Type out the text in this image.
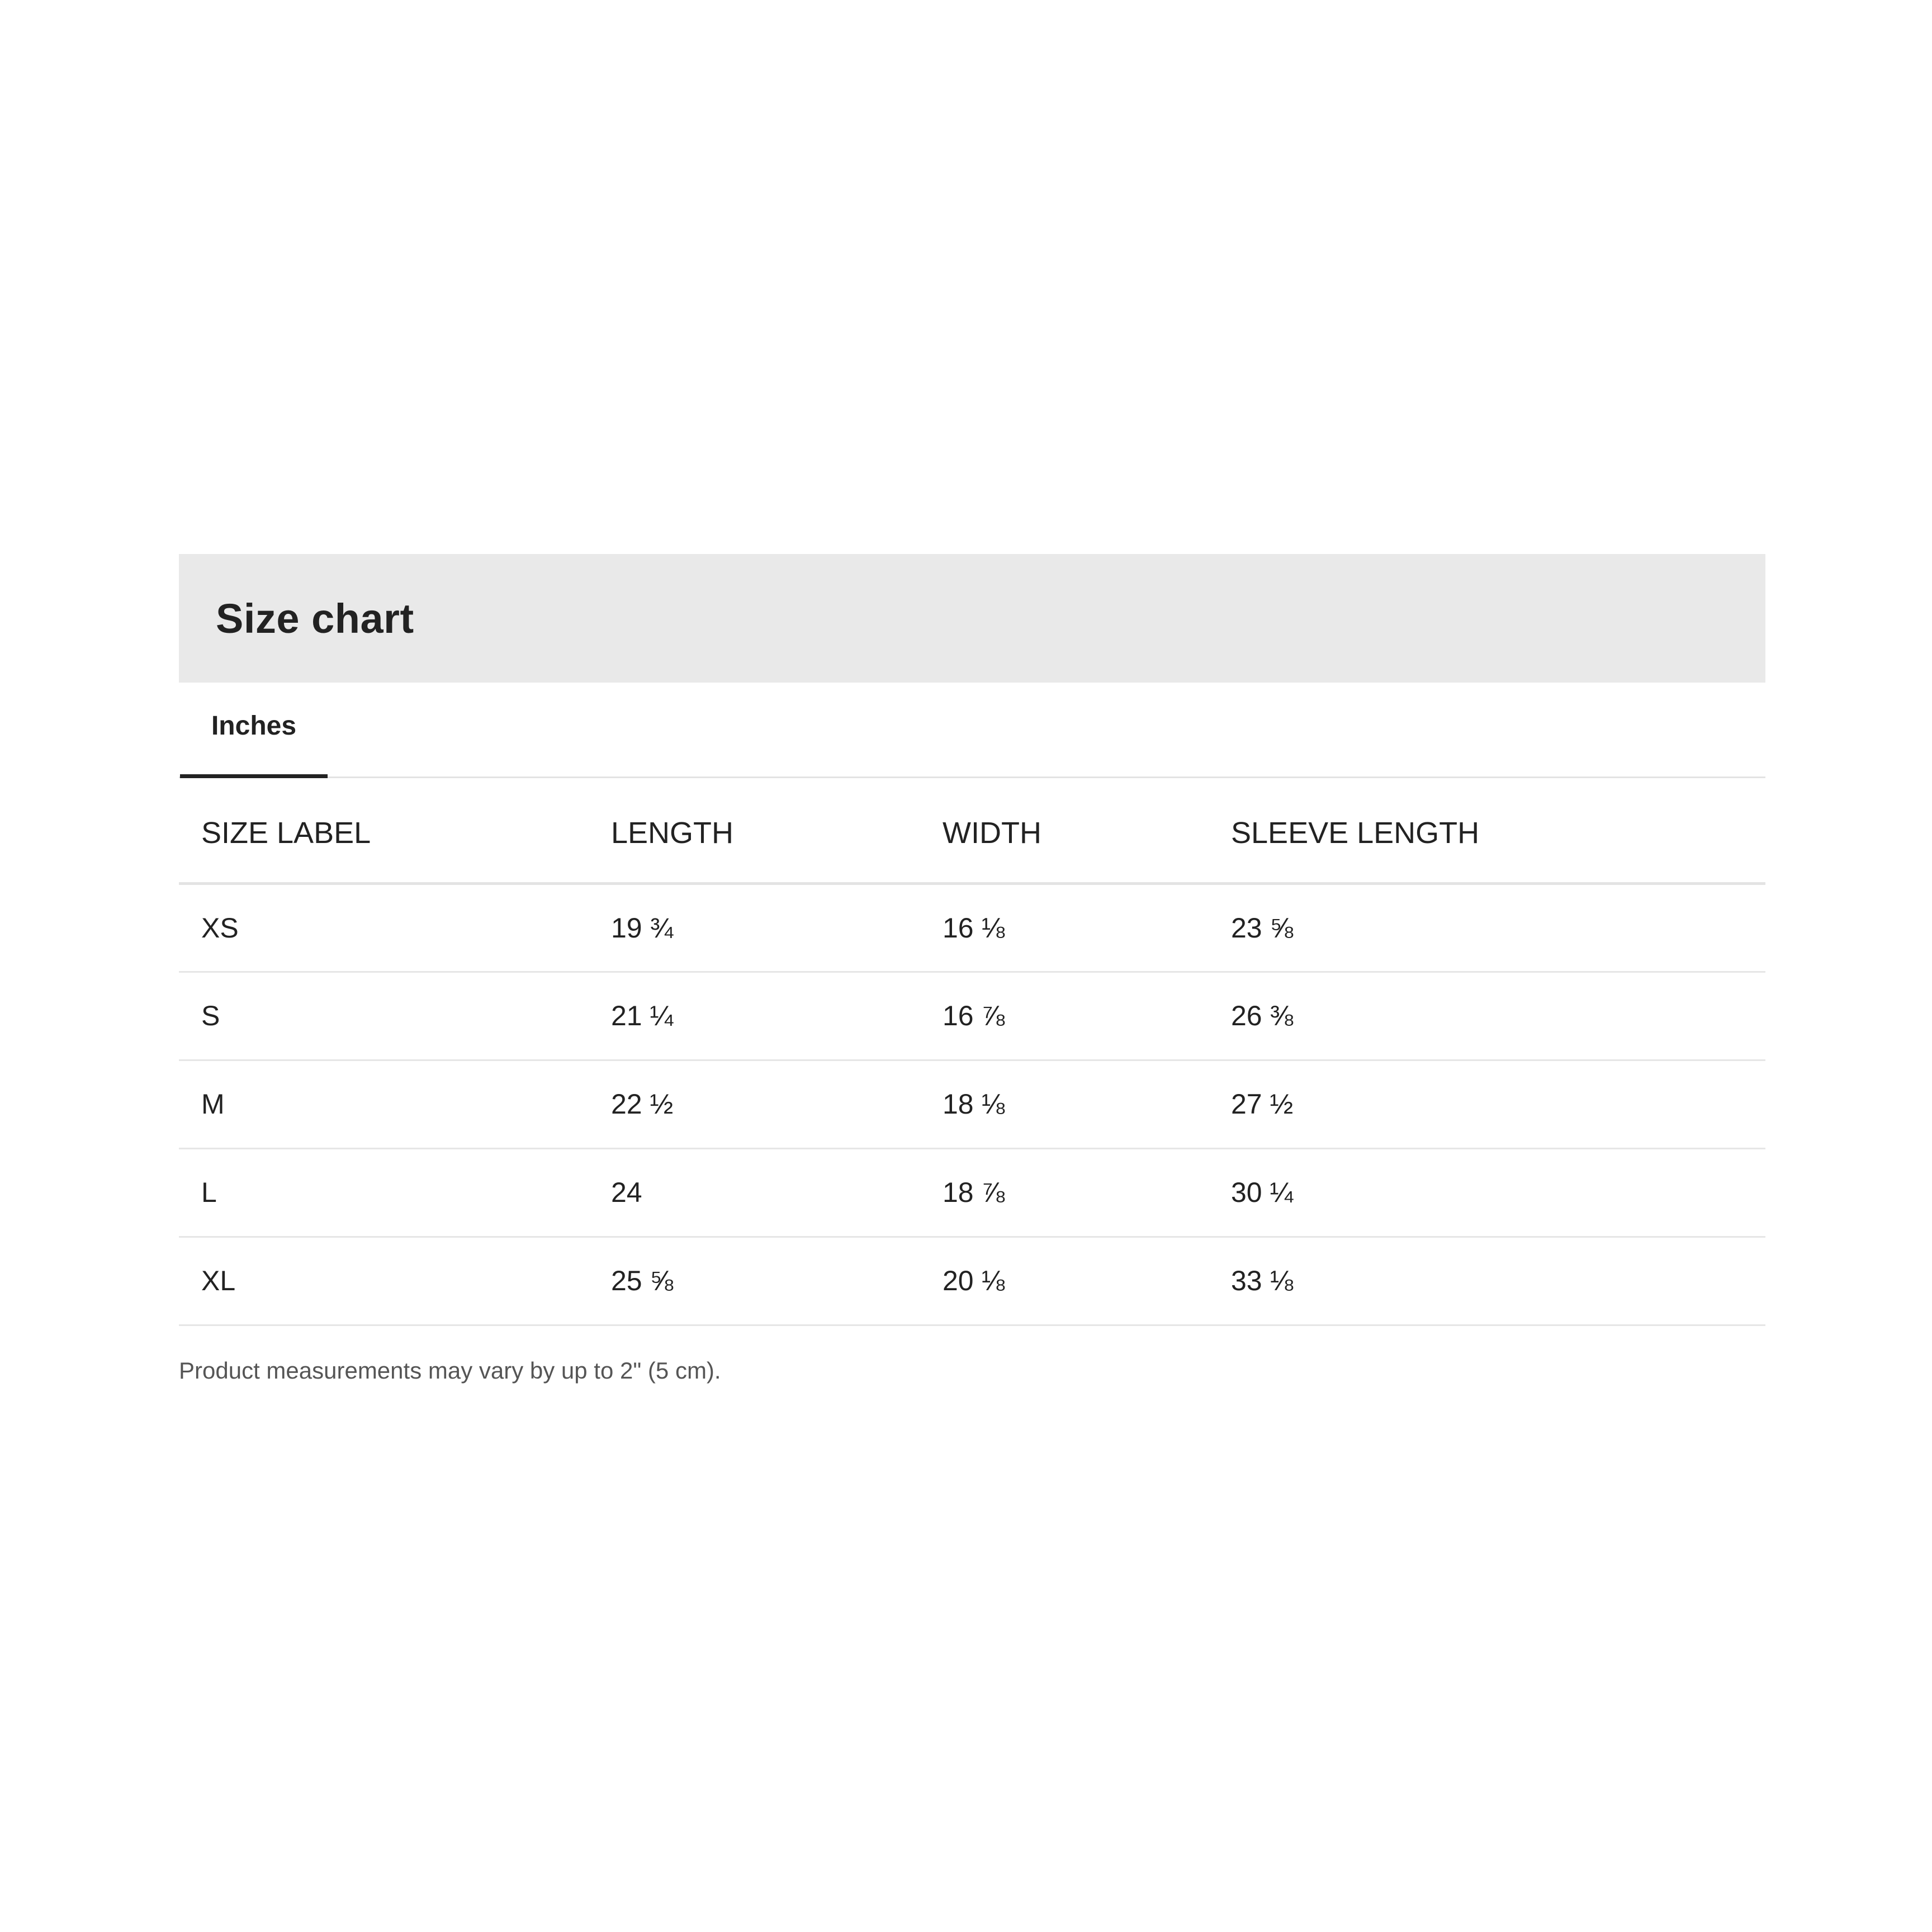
Size chart
Inches
SIZE LABEL	LENGTH	WIDTH	SLEEVE LENGTH
XS	19 ¾	16 ⅛	23 ⅝
S	21 ¼	16 ⅞	26 ⅜
M	22 ½	18 ⅛	27 ½
L	24	18 ⅞	30 ¼
XL	25 ⅝	20 ⅛	33 ⅛
Product measurements may vary by up to 2" (5 cm).
